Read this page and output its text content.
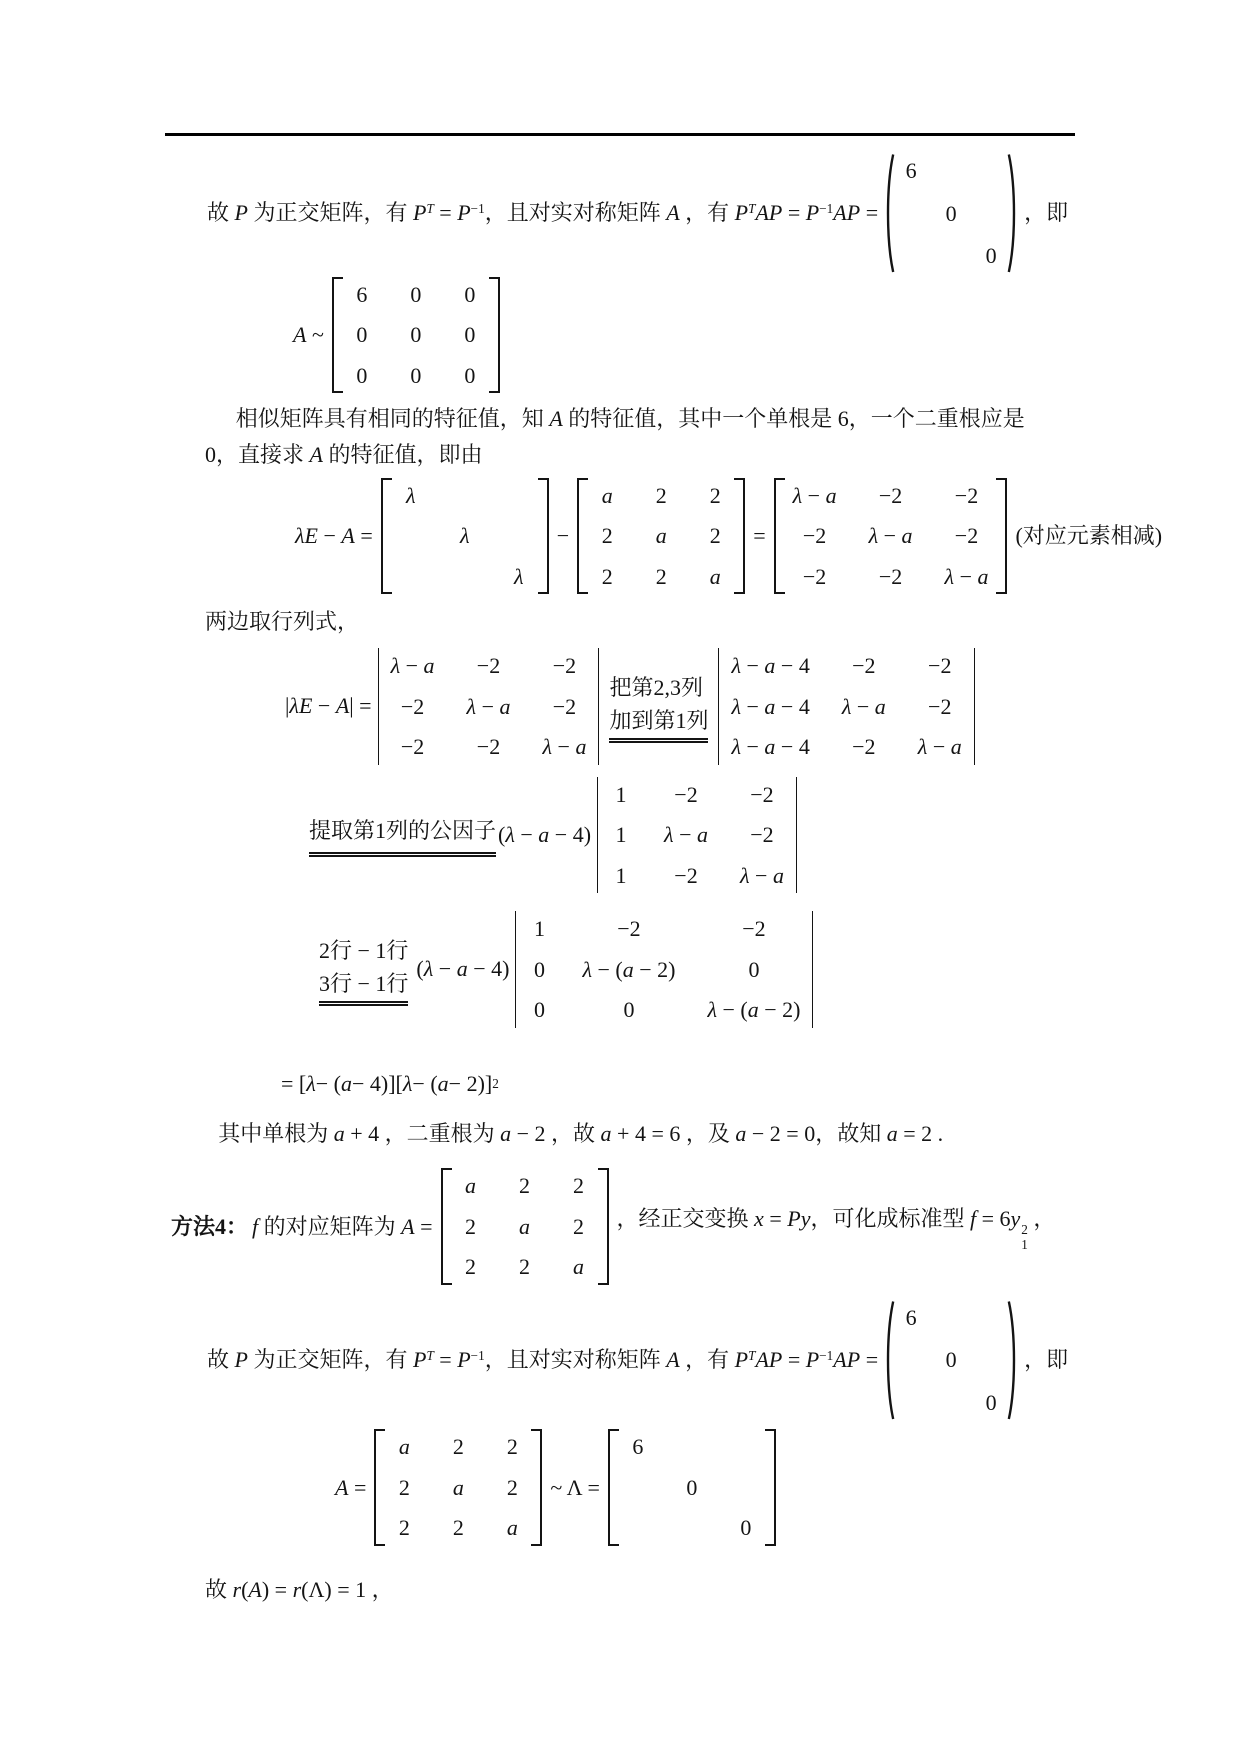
故 P 为正交矩阵，有 $P^T = P^{-1}$，且对实对称矩阵 A ，有 $P^TAP = P^{-1}AP$ =
6
0
0
，即
A ~
6 0 0
0 0 0
0 0 0
相似矩阵具有相同的特征值，知 A 的特征值，其中一个单根是 6，一个二重根应是
0，直接求 A 的特征值，即由
λE − A =
λ
λ
λ
−
a 2 2
2 a 2
2 2 a
=
λ − a −2 −2
−2 λ − a −2
−2 −2 λ − a
(对应元素相减)
两边取行列式，
|λE − A| =
λ − a −2 −2
−2 λ − a −2
−2 −2 λ − a
把第2,3列
加到第1列
λ − a − 4 −2 −2
λ − a − 4 λ − a −2
λ − a − 4 −2 λ − a
提取第1列的公因子 (λ − a − 4)
1 −2 −2
1 λ − a −2
1 −2 λ − a
2行 − 1行
3行 − 1行
(λ − a − 4)
1	−2	−2
0 λ − (a − 2)	0
0	0	λ − (a − 2)
= [ λ − ( a − 4)][ λ − ( a − 2)] 2
其中单根为 a + 4 ，二重根为 a − 2 ，故 a + 4 = 6 ，及 a − 2 = 0，故知 a = 2 .
方法4： f 的对应矩阵为 A =
a 2 2
2 a 2
2 2 a
，经正交变换 x = Py，可化成标准型 f = 6y 2
1
，
故 P 为正交矩阵，有 $P^T = P^{-1}$，且对实对称矩阵 A ，有 $P^TAP = P^{-1}AP$ =
6
0
0
，即
A =
a 2 2
2 a 2
2 2 a
~ Λ =
6
0
0
故 r(A) = r(Λ) = 1 ，
